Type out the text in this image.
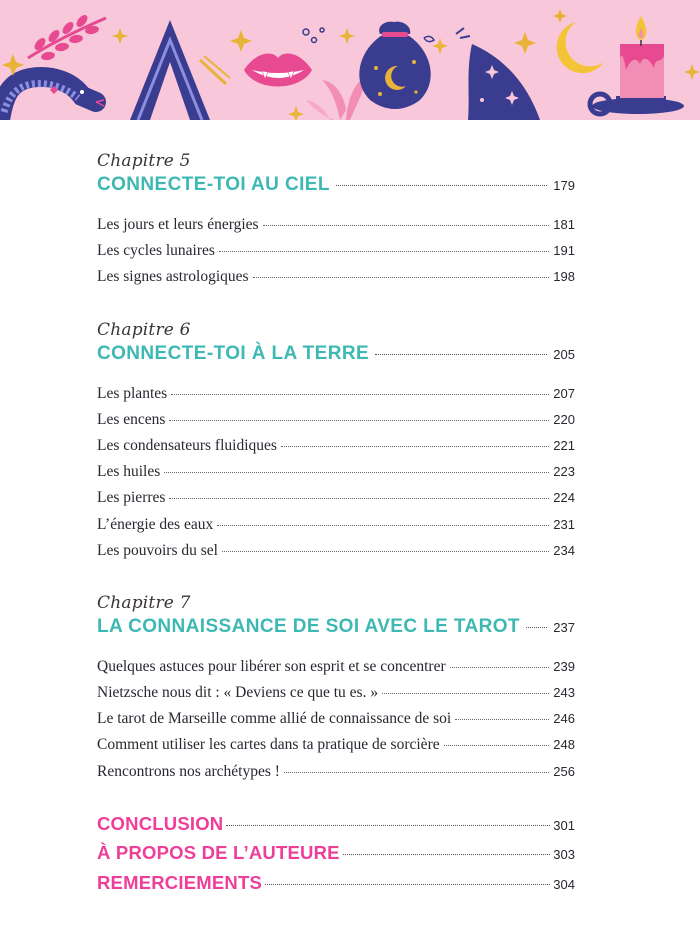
Chapitre 5
CONNECTE-TOI AU CIEL	179
Les jours et leurs énergies	181
Les cycles lunaires	191
Les signes astrologiques	198
Chapitre 6
CONNECTE-TOI À LA TERRE	205
Les plantes	207
Les encens	220
Les condensateurs fluidiques	221
Les huiles	223
Les pierres	224
L’énergie des eaux	231
Les pouvoirs du sel	234
Chapitre 7
LA CONNAISSANCE DE SOI AVEC LE TAROT	237
Quelques astuces pour libérer son esprit et se concentrer	239
Nietzsche nous dit : « Deviens ce que tu es. »	243
Le tarot de Marseille comme allié de connaissance de soi	246
Comment utiliser les cartes dans ta pratique de sorcière	248
Rencontrons nos archétypes !	256
CONCLUSION	301
À PROPOS DE L’AUTEURE	303
REMERCIEMENTS	304
